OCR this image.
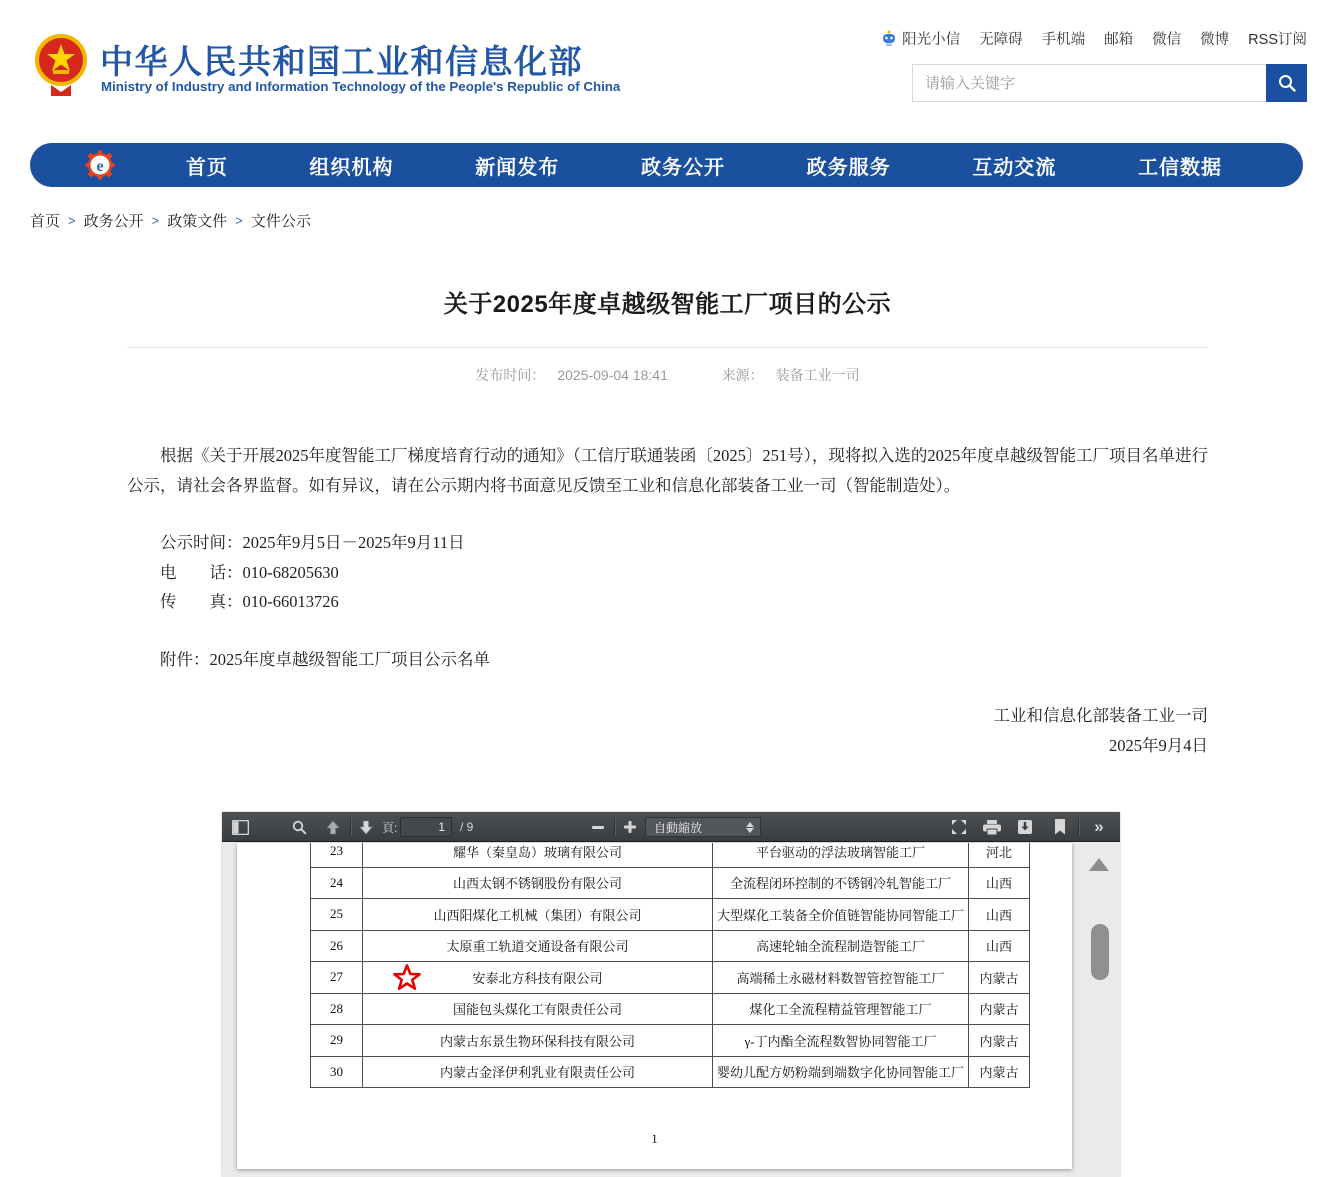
中华人民共和国工业和信息化部
Ministry of Industry and Information Technology of the People's Republic of China
阳光小信 无障碍 手机端 邮箱 微信 微博 RSS订阅
请输入关键字
e	首页	组织机构	新闻发布	政务公开	政务服务	互动交流	工信数据
首页 > 政务公开 > 政策文件 > 文件公示
关于2025年度卓越级智能工厂项目的公示
发布时间： 2025-09-04 18:41	来源： 装备工业一司

根据《关于开展2025年度智能工厂梯度培育行动的通知》（工信厅联通装函〔2025〕251号），现将拟入选的2025年度卓越级智能工厂项目名单进行公示，请社会各界监督。如有异议，请在公示期内将书面意见反馈至工业和信息化部装备工业一司（智能制造处）。

公示时间：2025年9月5日－2025年9月11日
电　　话：010-68205630
传　　真：010-66013726
附件：2025年度卓越级智能工厂项目公示名单
工业和信息化部装备工业一司
2025年9月4日
頁:
1	/ 9	自動縮放	»
23	耀华（秦皇岛）玻璃有限公司	平台驱动的浮法玻璃智能工厂	河北
24	山西太钢不锈钢股份有限公司	全流程闭环控制的不锈钢冷轧智能工厂	山西
25	山西阳煤化工机械（集团）有限公司	大型煤化工装备全价值链智能协同智能工厂	山西
26	太原重工轨道交通设备有限公司	高速轮轴全流程制造智能工厂	山西
27	安泰北方科技有限公司	高端稀土永磁材料数智管控智能工厂	内蒙古
28	国能包头煤化工有限责任公司	煤化工全流程精益管理智能工厂	内蒙古
29	内蒙古东景生物环保科技有限公司	γ-丁内酯全流程数智协同智能工厂	内蒙古
30	内蒙古金泽伊利乳业有限责任公司	婴幼儿配方奶粉端到端数字化协同智能工厂	内蒙古
1
